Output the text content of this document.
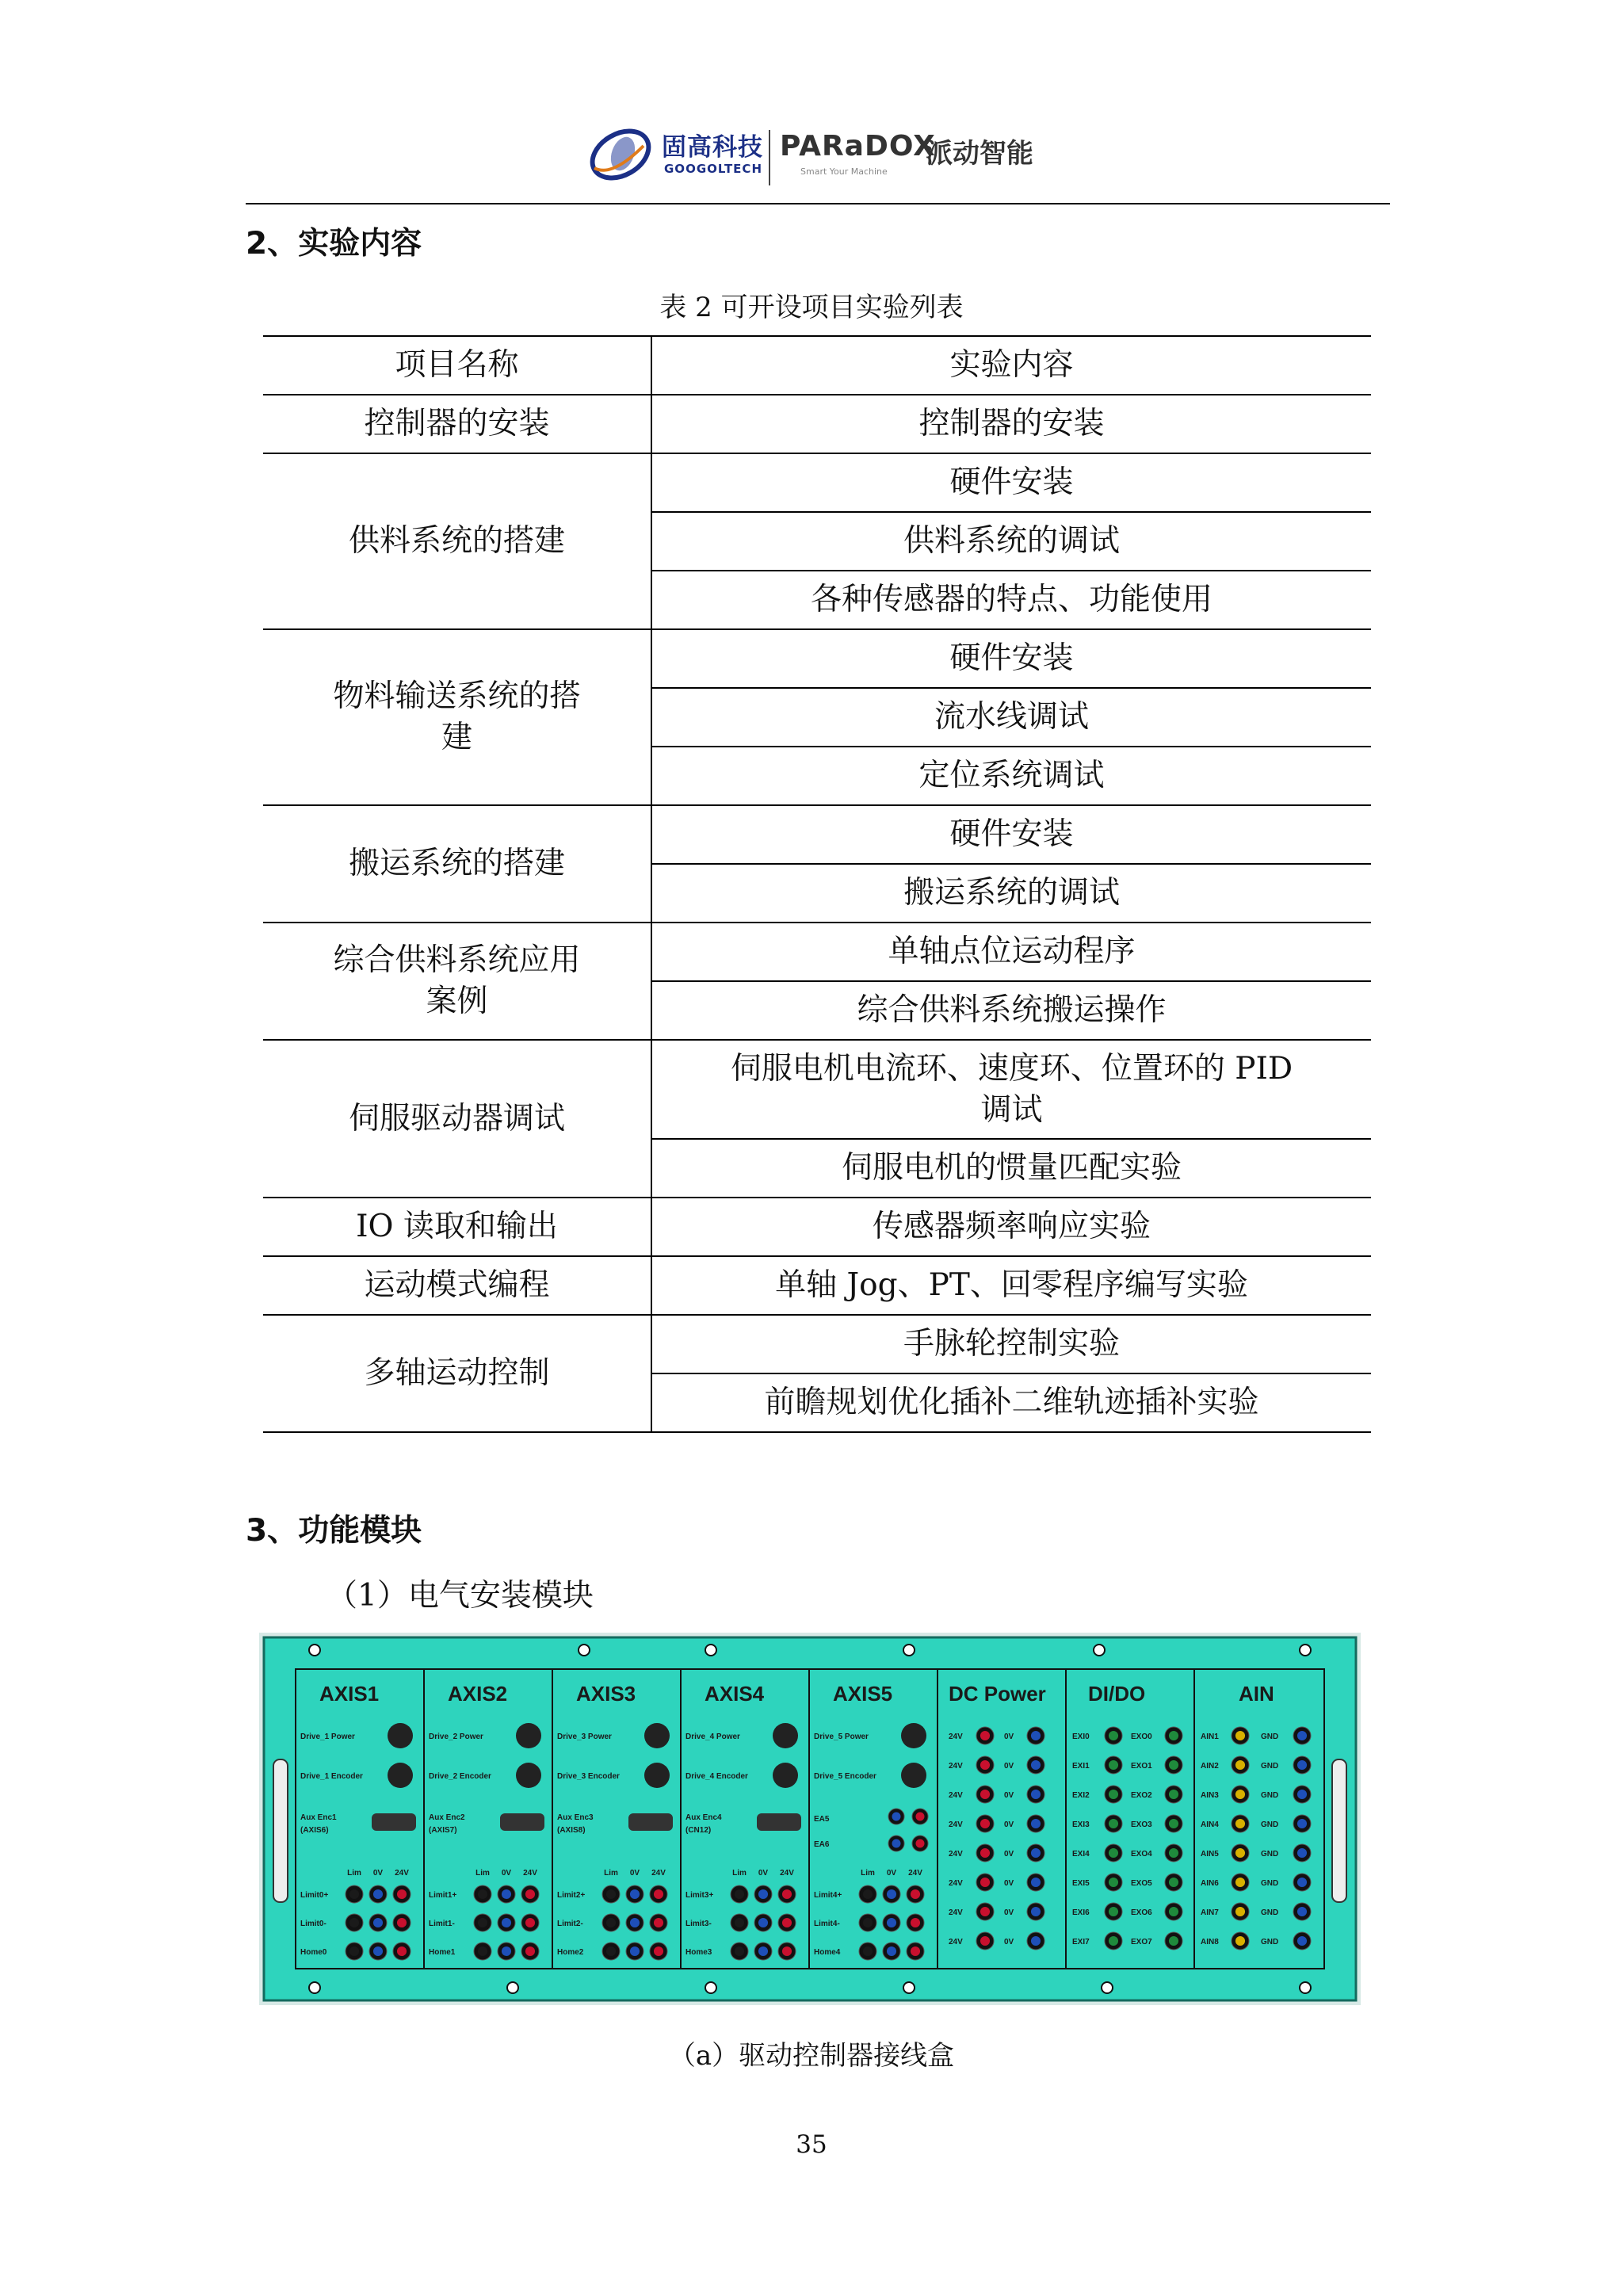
固高科技
GOOGOLTECH
PARaDOX
Smart Your Machine
派动智能
2、实验内容
表 2 可开设项目实验列表
项目名称	实验内容
控制器的安装	控制器的安装
供料系统的搭建	硬件安装
	供料系统的调试
	各种传感器的特点、功能使用

物料输送系统的搭
建	硬件安装
	流水线调试
	定位系统调试
搬运系统的搭建	硬件安装
	搬运系统的调试

综合供料系统应用
案例	单轴点位运动程序
	综合供料系统搬运操作
伺服驱动器调试	伺服电机电流环、速度环、位置环的 PID
调试

	伺服电机的惯量匹配实验
IO 读取和输出	传感器频率响应实验
运动模式编程	单轴 Jog、PT、回零程序编写实验
多轴运动控制	手脉轮控制实验
	前瞻规划优化插补二维轨迹插补实验
3、功能模块
（1）电气安装模块
AXIS1
Drive_1 Power
Drive_1 Encoder
Aux Enc1
(AXIS6)
Lim 0V 24V
Limit0+
Limit0-
Home0
AXIS2
Drive_2 Power
Drive_2 Encoder
Aux Enc2
(AXIS7)
Lim 0V 24V
Limit1+
Limit1-
Home1
AXIS3
Drive_3 Power
Drive_3 Encoder
Aux Enc3
(AXIS8)
Lim 0V 24V
Limit2+
Limit2-
Home2
AXIS4
Drive_4 Power
Drive_4 Encoder
Aux Enc4
(CN12)
Lim 0V 24V
Limit3+
Limit3-
Home3
AXIS5
Drive_5 Power
Drive_5 Encoder
EA5
EA6
Lim 0V 24V
Limit4+
Limit4-
Home4
DC Power
24V	0V
24V	0V
24V	0V
24V	0V
24V	0V
24V	0V
24V	0V
24V	0V
DI/DO
EXI0	EXO0
EXI1	EXO1
EXI2	EXO2
EXI3	EXO3
EXI4	EXO4
EXI5	EXO5
EXI6	EXO6
EXI7	EXO7
AIN
AIN1	GND
AIN2	GND
AIN3	GND
AIN4	GND
AIN5	GND
AIN6	GND
AIN7	GND
AIN8	GND
（a）驱动控制器接线盒
35
